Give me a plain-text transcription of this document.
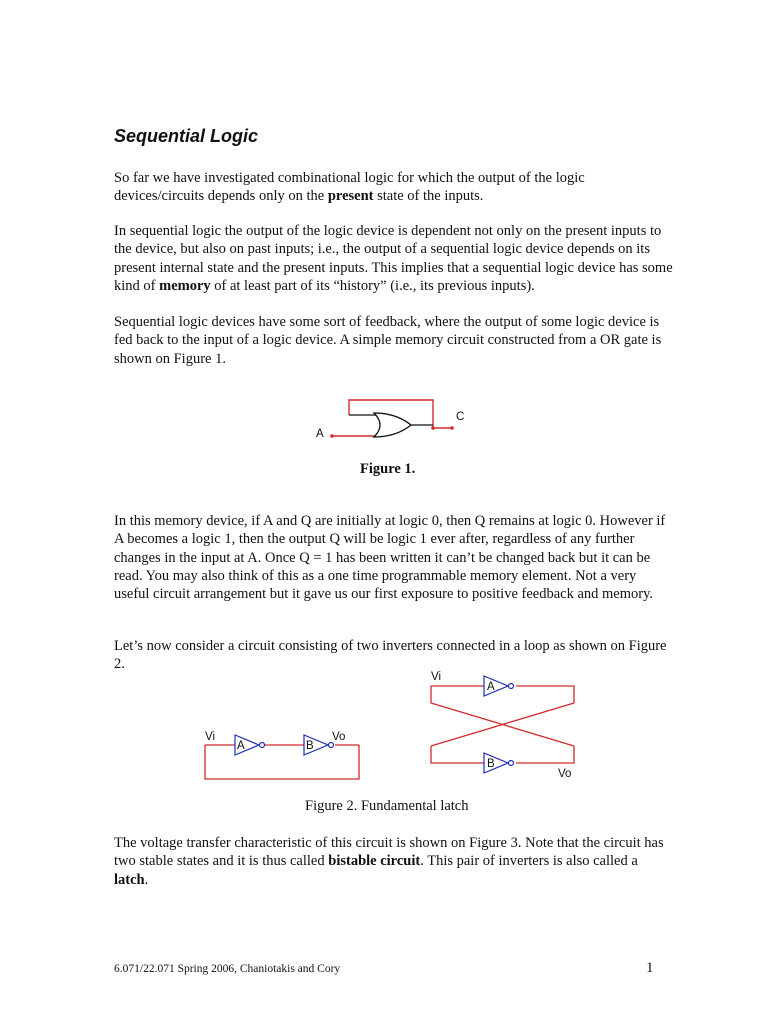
Sequential Logic

So far we have investigated combinational logic for which the output of the logic devices/circuits depends only on the present state of the inputs.

In sequential logic the output of the logic device is dependent not only on the present inputs to the device, but also on past inputs; i.e., the output of a sequential logic device depends on its present internal state and the present inputs. This implies that a sequential logic device has some kind of memory of at least part of its “history” (i.e., its previous inputs).

Sequential logic devices have some sort of feedback, where the output of some logic device is fed back to the input of a logic device. A simple memory circuit constructed from a OR gate is shown on Figure 1.

A
C

Figure 1.

In this memory device, if A and Q are initially at logic 0, then Q remains at logic 0. However if A becomes a logic 1, then the output Q will be logic 1 ever after, regardless of any further changes in the input at A. Once Q = 1 has been written it can’t be changed back but it can be read. You may also think of this as a one time programmable memory element. Not a very useful circuit arrangement but it gave us our first exposure to positive feedback and memory.

Let’s now consider a circuit consisting of two inverters connected in a loop as shown on Figure 2.

Vi	Vo
A	B
Vi
Vo
A
B

Figure 2. Fundamental latch

The voltage transfer characteristic of this circuit is shown on Figure 3. Note that the circuit has two stable states and it is thus called bistable circuit. This pair of inverters is also called a latch.

6.071/22.071 Spring 2006, Chaniotakis and Cory	1
